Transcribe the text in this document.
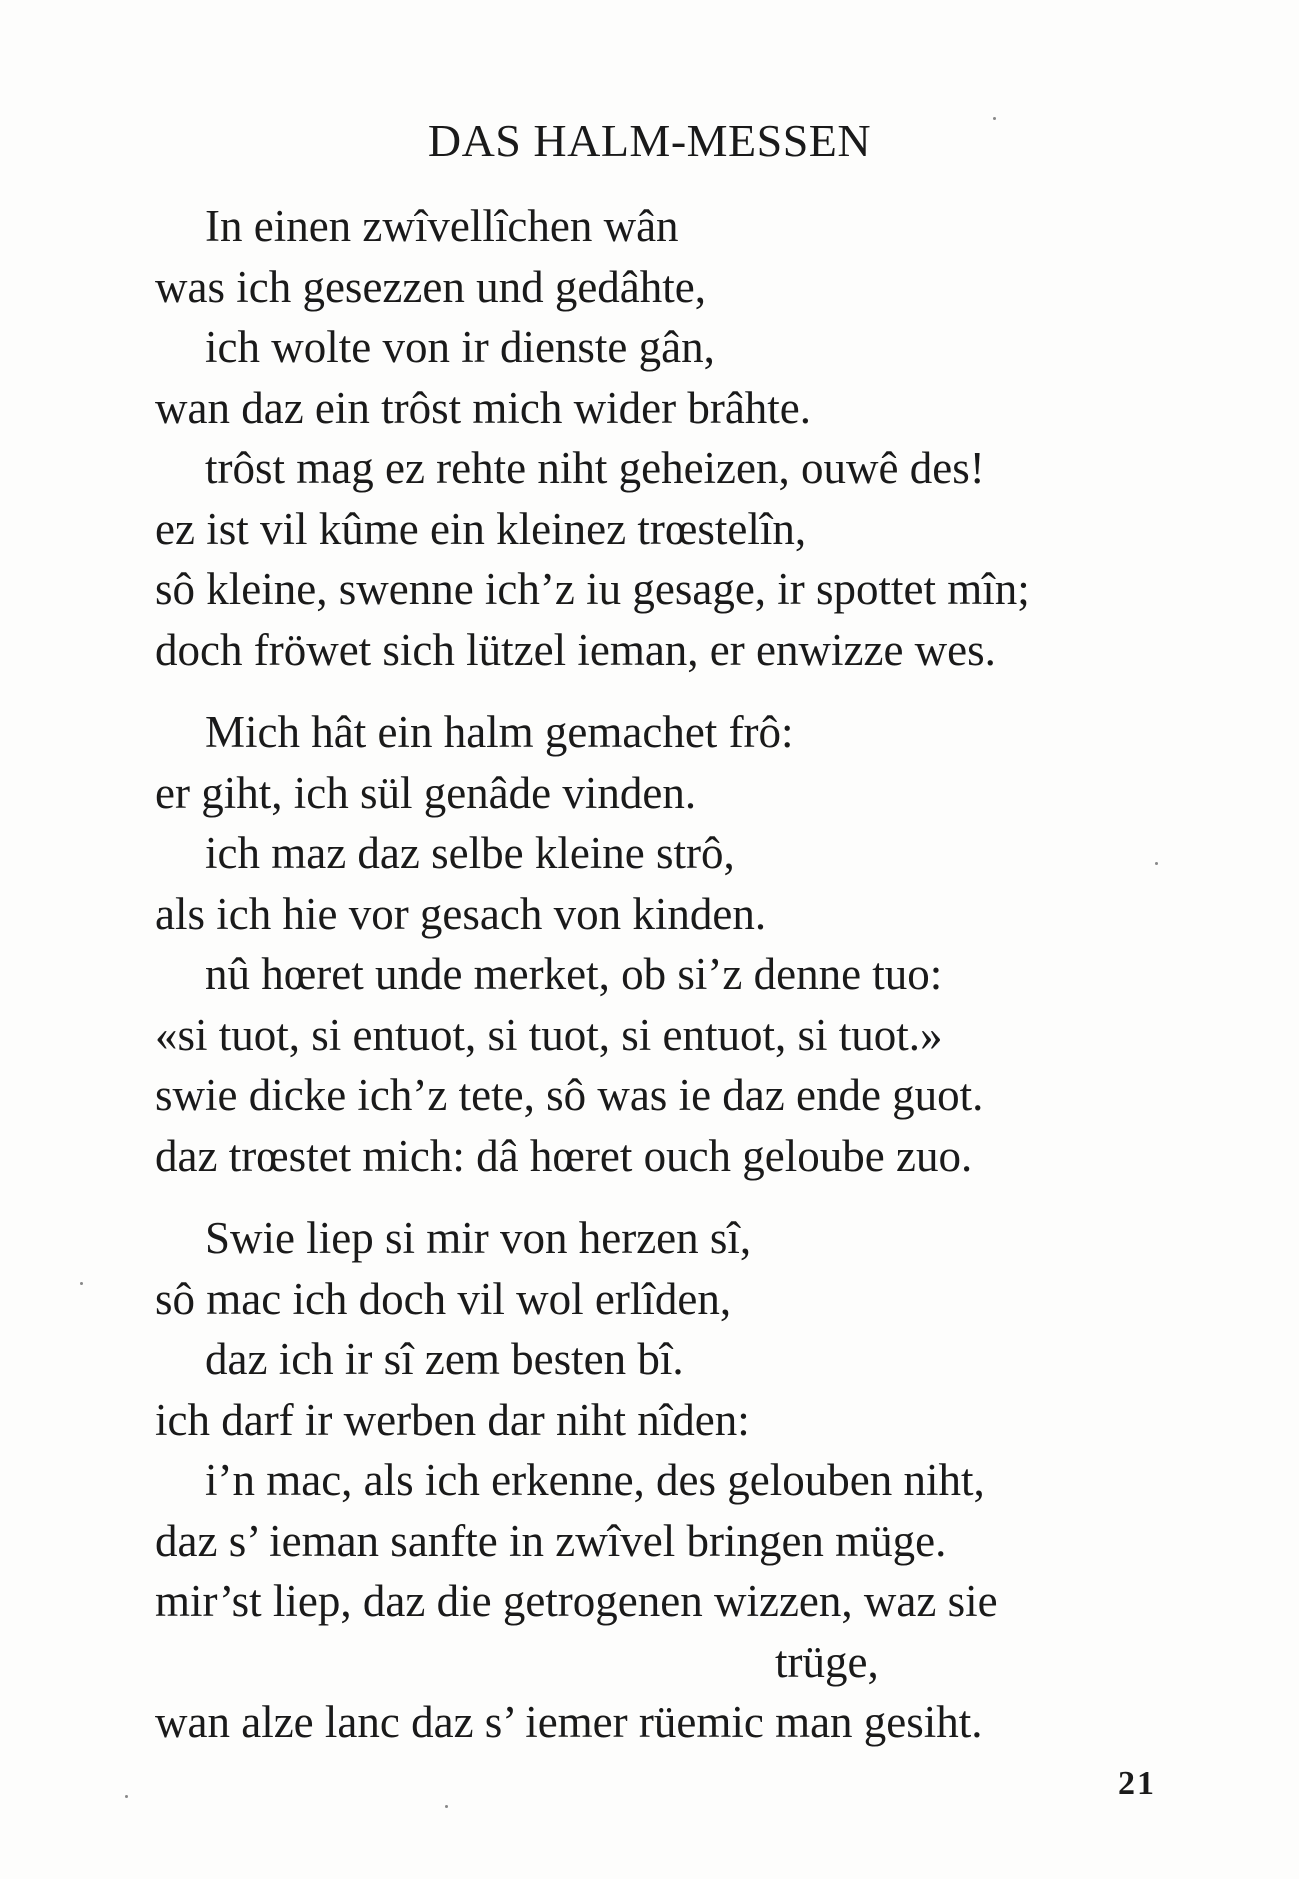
DAS HALM-MESSEN
In einen zwîvellîchen wân
was ich gesezzen und gedâhte,
ich wolte von ir dienste gân,
wan daz ein trôst mich wider brâhte.
trôst mag ez rehte niht geheizen, ouwê des!
ez ist vil kûme ein kleinez trœstelîn,
sô kleine, swenne ich’z iu gesage, ir spottet mîn;
doch fröwet sich lützel ieman, er enwizze wes.
Mich hât ein halm gemachet frô:
er giht, ich sül genâde vinden.
ich maz daz selbe kleine strô,
als ich hie vor gesach von kinden.
nû hœret unde merket, ob si’z denne tuo:
«si tuot, si entuot, si tuot, si entuot, si tuot.»
swie dicke ich’z tete, sô was ie daz ende guot.
daz trœstet mich: dâ hœret ouch geloube zuo.
Swie liep si mir von herzen sî,
sô mac ich doch vil wol erlîden,
daz ich ir sî zem besten bî.
ich darf ir werben dar niht nîden:
i’n mac, als ich erkenne, des gelouben niht,
daz s’ ieman sanfte in zwîvel bringen müge.
mir’st liep, daz die getrogenen wizzen, waz sie
trüge,
wan alze lanc daz s’ iemer rüemic man gesiht.
21
